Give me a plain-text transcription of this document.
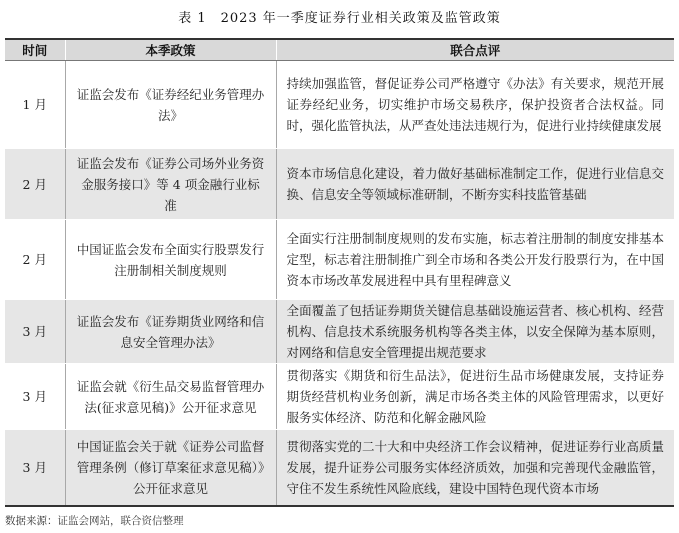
表 1　2023 年一季度证券行业相关政策及监管政策
时间	本季政策	联合点评
1 月	证监会发布《证券经纪业务管理办法》	持续加强监管，督促证券公司严格遵守《办法》有关要求，规范开展证券经纪业务，切实维护市场交易秩序，保护投资者合法权益。同时，强化监管执法，从严查处违法违规行为，促进行业持续健康发展
2 月	证监会发布《证券公司场外业务资金服务接口》等 4 项金融行业标准	资本市场信息化建设，着力做好基础标准制定工作，促进行业信息交换、信息安全等领域标准研制，不断夯实科技监管基础
2 月	中国证监会发布全面实行股票发行注册制相关制度规则	全面实行注册制制度规则的发布实施，标志着注册制的制度安排基本定型，标志着注册制推广到全市场和各类公开发行股票行为，在中国资本市场改革发展进程中具有里程碑意义
3 月	证监会发布《证券期货业网络和信息安全管理办法》	全面覆盖了包括证券期货关键信息基础设施运营者、核心机构、经营机构、信息技术系统服务机构等各类主体，以安全保障为基本原则，对网络和信息安全管理提出规范要求
3 月	证监会就《衍生品交易监督管理办法(征求意见稿)》公开征求意见	贯彻落实《期货和衍生品法》，促进衍生品市场健康发展，支持证券期货经营机构业务创新，满足市场各类主体的风险管理需求，以更好服务实体经济、防范和化解金融风险
3 月	中国证监会关于就《证券公司监督管理条例（修订草案征求意见稿）》公开征求意见	贯彻落实党的二十大和中央经济工作会议精神，促进证券行业高质量发展，提升证券公司服务实体经济质效，加强和完善现代金融监管，守住不发生系统性风险底线，建设中国特色现代资本市场
数据来源：证监会网站，联合资信整理
